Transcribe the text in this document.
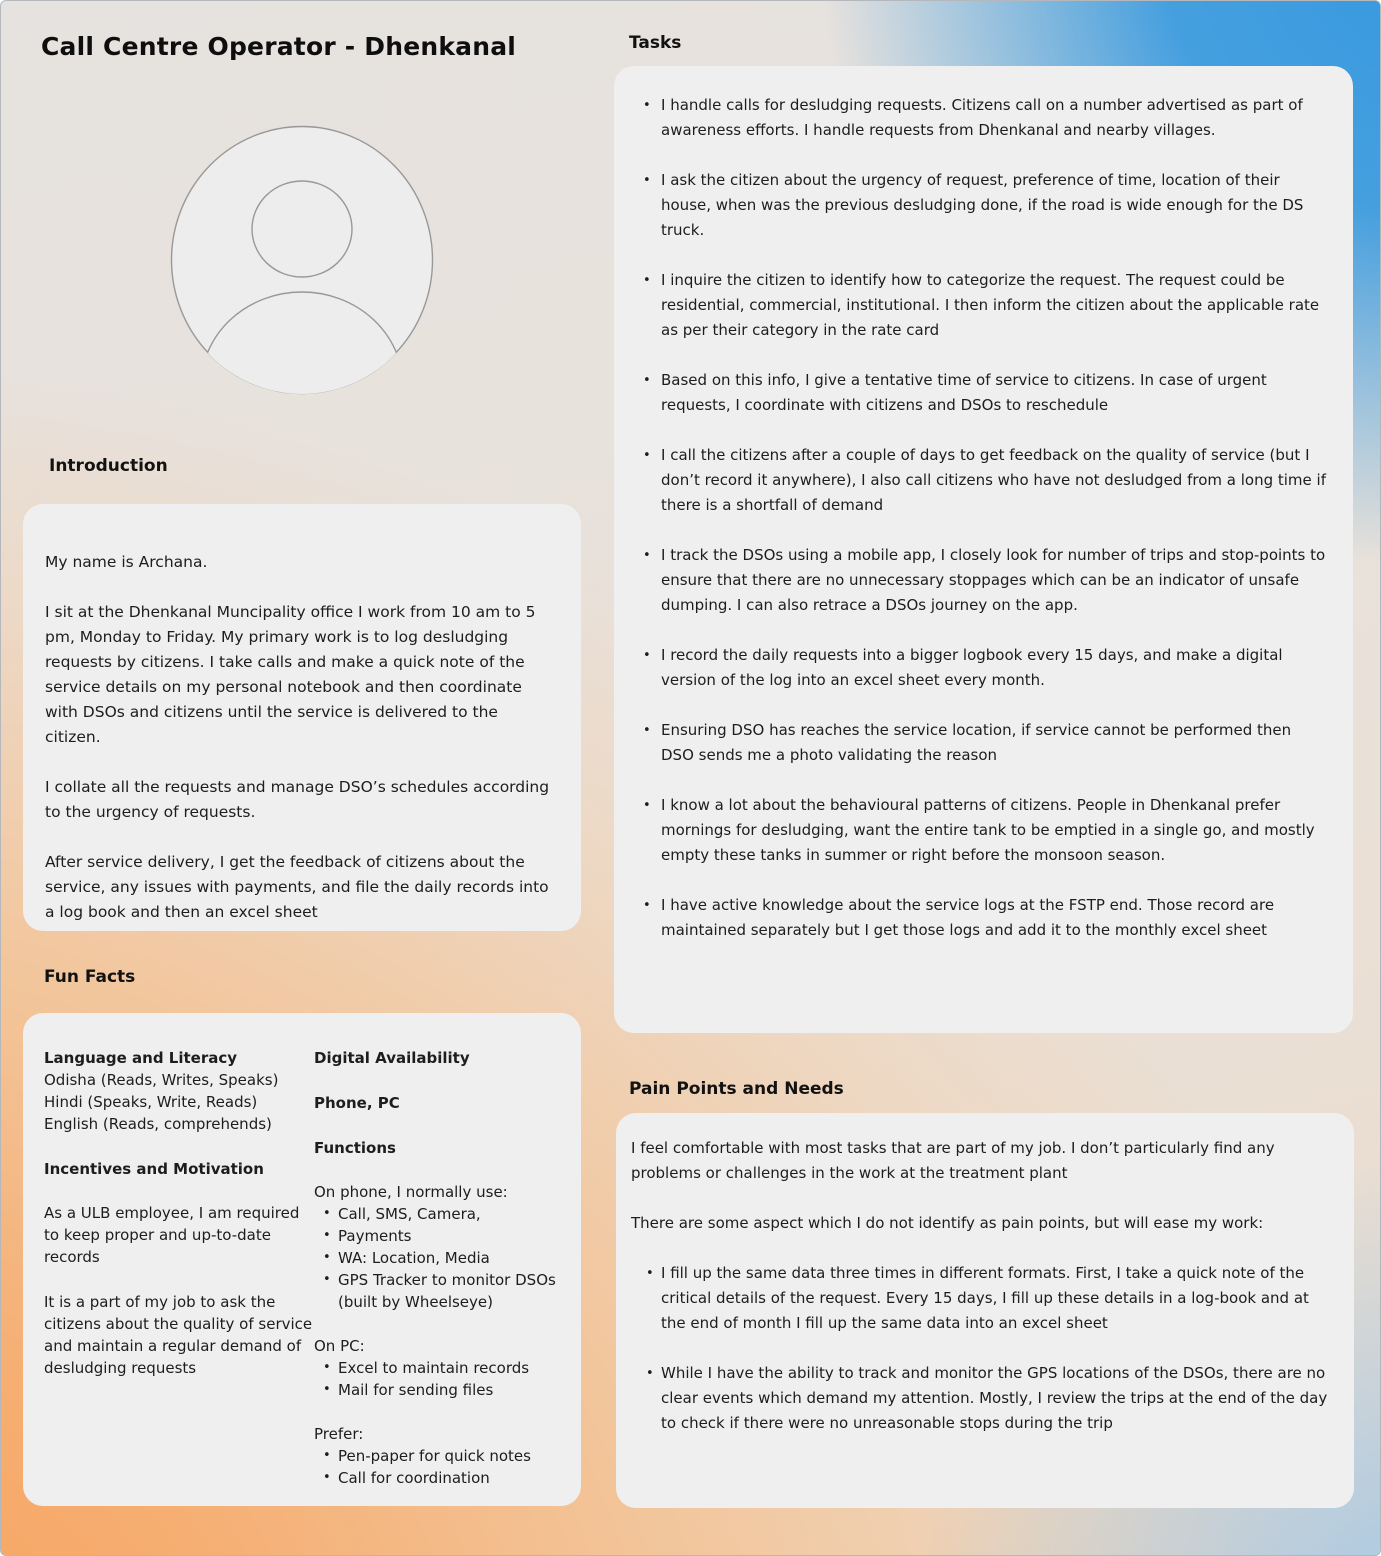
Call Centre Operator - Dhenkanal
Introduction

My name is Archana.

I sit at the Dhenkanal Muncipality office I work from 10 am to 5 pm, Monday to Friday. My primary work is to log desludging requests by citizens. I take calls and make a quick note of the service details on my personal notebook and then coordinate with DSOs and citizens until the service is delivered to the citizen.

I collate all the requests and manage DSO’s schedules according to the urgency of requests.

After service delivery, I get the feedback of citizens about the service, any issues with payments, and file the daily records into a log book and then an excel sheet

Fun Facts
Language and Literacy
Odisha (Reads, Writes, Speaks)
Hindi (Speaks, Write, Reads)
English (Reads, comprehends)
Incentives and Motivation
As a ULB employee, I am required to keep proper and up-to-date records
It is a part of my job to ask the citizens about the quality of service and maintain a regular demand of desludging requests
Digital Availability
Phone, PC
Functions
On phone, I normally use:
• Call, SMS, Camera,
• Payments
• WA: Location, Media
• GPS Tracker to monitor DSOs (built by Wheelseye)
On PC:
• Excel to maintain records
• Mail for sending files
Prefer:
• Pen-paper for quick notes
• Call for coordination
Tasks
• I handle calls for desludging requests. Citizens call on a number advertised as part of awareness efforts. I handle requests from Dhenkanal and nearby villages.
• I ask the citizen about the urgency of request, preference of time, location of their house, when was the previous desludging done, if the road is wide enough for the DS truck.
• I inquire the citizen to identify how to categorize the request. The request could be residential, commercial, institutional. I then inform the citizen about the applicable rate as per their category in the rate card
• Based on this info, I give a tentative time of service to citizens. In case of urgent requests, I coordinate with citizens and DSOs to reschedule
• I call the citizens after a couple of days to get feedback on the quality of service (but I don’t record it anywhere), I also call citizens who have not desludged from a long time if there is a shortfall of demand
• I track the DSOs using a mobile app, I closely look for number of trips and stop-points to ensure that there are no unnecessary stoppages which can be an indicator of unsafe dumping. I can also retrace a DSOs journey on the app.
• I record the daily requests into a bigger logbook every 15 days, and make a digital version of the log into an excel sheet every month.
• Ensuring DSO has reaches the service location, if service cannot be performed then DSO sends me a photo validating the reason
• I know a lot about the behavioural patterns of citizens. People in Dhenkanal prefer mornings for desludging, want the entire tank to be emptied in a single go, and mostly empty these tanks in summer or right before the monsoon season.
• I have active knowledge about the service logs at the FSTP end. Those record are maintained separately but I get those logs and add it to the monthly excel sheet
Pain Points and Needs

I feel comfortable with most tasks that are part of my job. I don’t particularly find any problems or challenges in the work at the treatment plant

There are some aspect which I do not identify as pain points, but will ease my work:

• I fill up the same data three times in different formats. First, I take a quick note of the critical details of the request. Every 15 days, I fill up these details in a log-book and at the end of month I fill up the same data into an excel sheet
• While I have the ability to track and monitor the GPS locations of the DSOs, there are no clear events which demand my attention. Mostly, I review the trips at the end of the day to check if there were no unreasonable stops during the trip
